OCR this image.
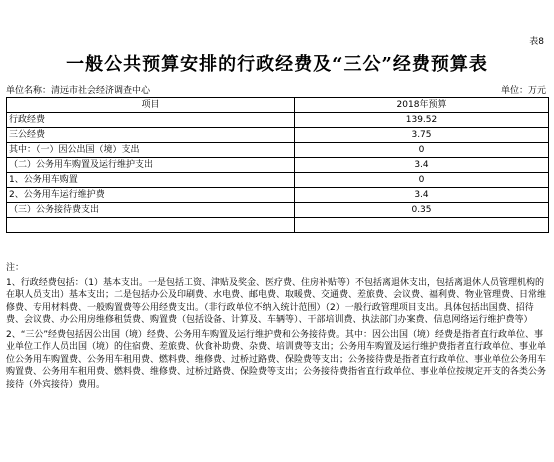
表8
一般公共预算安排的行政经费及“三公”经费预算表
单位名称：清远市社会经济调查中心	单位：万元
项目	2018年预算
行政经费	139.52
三公经费	3.75
其中：（一）因公出国（境）支出	0
（二）公务用车购置及运行维护支出	3.4
1、公务用车购置	0
2、公务用车运行维护费	3.4
（三）公务接待费支出	0.35

注：

1、行政经费包括：（1）基本支出。一是包括工资、津贴及奖金、医疗费、住房补贴等）不包括离退休支出，包括离退休人员管理机构的在职人员支出）基本支出；二是包括办公及印刷费、水电费、邮电费、取暖费、交通费、差旅费、会议费、福利费、物业管理费、日常维修费、专用材料费、一般购置费等公用经费支出。（非行政单位不纳入统计范围）（2）一般行政管理项目支出。具体包括出国费、招待费、会议费、办公用房维修租赁费、购置费（包括设备、计算及、车辆等）、干部培训费、执法部门办案费、信息网络运行维护费等）

2、“三公”经费包括因公出国（境）经费、公务用车购置及运行维护费和公务接待费。其中：因公出国（境）经费是指者直行政单位、事业单位工作人员出国（境）的住宿费、差旅费、伙食补助费、杂费、培训费等支出；公务用车购置及运行维护费指者直行政单位、事业单位公务用车购置费、公务用车租用费、燃料费、维修费、过桥过路费、保险费等支出；公务接待费是指者直行政单位、事业单位公务用车购置费、公务用车租用费、燃料费、维修费、过桥过路费、保险费等支出；公务接待费指省直行政单位、事业单位按规定开支的各类公务接待（外宾接待）费用。
